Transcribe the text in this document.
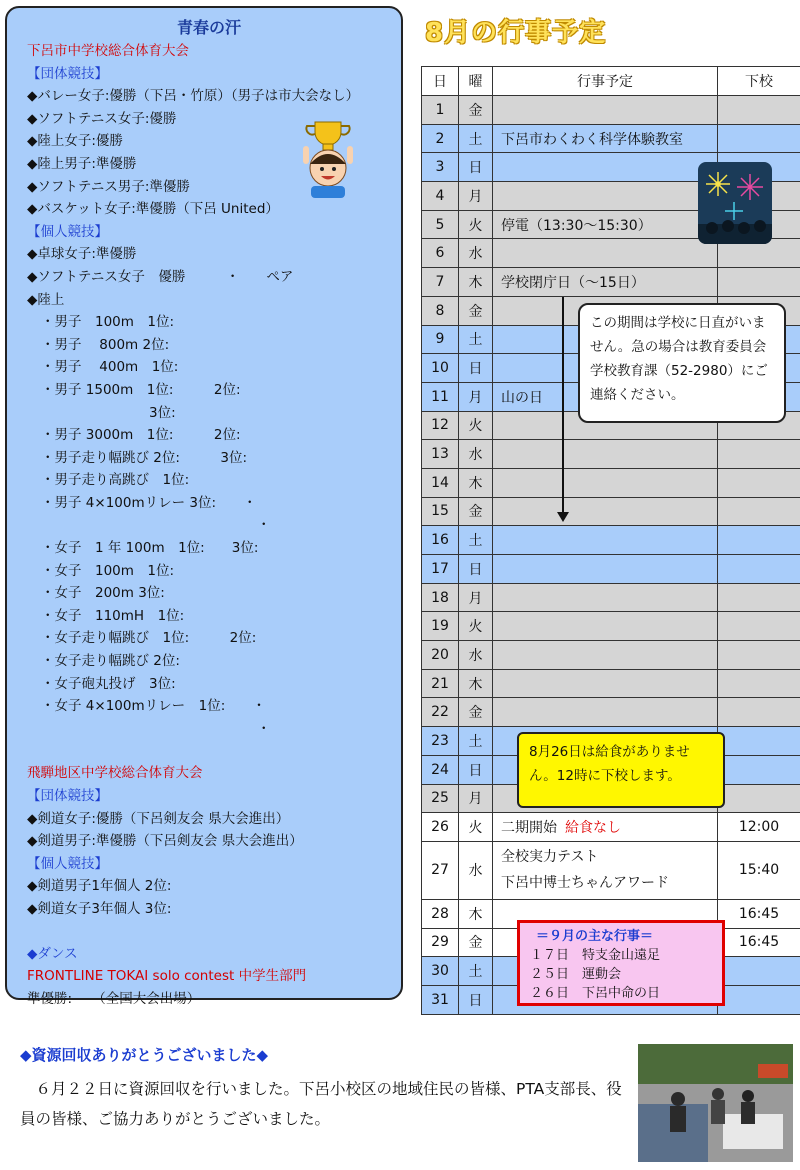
青春の汗
下呂市中学校総合体育大会
【団体競技】
◆バレー女子:優勝（下呂・竹原）（男子は市大会なし）
◆ソフトテニス女子:優勝
◆陸上女子:優勝
◆陸上男子:準優勝
◆ソフトテニス男子:準優勝
◆バスケット女子:準優勝（下呂 United）
【個人競技】
◆卓球女子:準優勝
◆ソフトテニス女子　優勝　　　・　　ペア
◆陸上
・男子　100m　1位:
・男子　 800m 2位:
・男子　 400m　1位:
・男子 1500m　1位:　　　2位:
　　　　　　　　3位:
・男子 3000m　1位:　　　2位:
・男子走り幅跳び 2位:　　　3位:
・男子走り高跳び　1位:
・男子 4×100mリレー 3位:　　・
　　　　　　　　　　　　　　　　・
・女子　1 年 100m　1位:　　3位:
・女子　100m　1位:
・女子　200m 3位:
・女子　110mH　1位:
・女子走り幅跳び　1位:　　　2位:
・女子走り幅跳び 2位:
・女子砲丸投げ　3位:
・女子 4×100mリレー　1位:　　・
　　　　　　　　　　　　　　　　・
飛騨地区中学校総合体育大会
【団体競技】
◆剣道女子:優勝（下呂剣友会 県大会進出）
◆剣道男子:準優勝（下呂剣友会 県大会進出）
【個人競技】
◆剣道男子1年個人 2位:
◆剣道女子3年個人 3位:
◆ダンス
FRONTLINE TOKAI solo contest 中学生部門
準優勝:　　（全国大会出場）
8月の行事予定
日	曜	行事予定	下校
1	金		
2	土	下呂市わくわく科学体験教室	
3	日		
4	月		
5	火	停電（13:30～15:30）	
6	水		
7	木	学校閉庁日（～15日）	
8	金		
9	土		
10	日		
11	月	山の日	
12	火		
13	水		
14	木		
15	金		
16	土		
17	日		
18	月		
19	火		
20	水		
21	木		
22	金		
23	土		
24	日		
25	月		
26	火	二期開始 給食なし	12:00
27	水	全校実力テスト
下呂中博士ちゃんアワード	15:40
28	木		16:45
29	金		16:45
30	土		
31	日		
この期間は学校に日直がいません。急の場合は教育委員会学校教育課（52-2980）にご連絡ください。
8月26日は給食がありません。12時に下校します。
＝９月の主な行事＝
１７日　特支金山遠足
２５日　運動会
２６日　下呂中命の日
◆資源回収ありがとうございました◆
　６月２２日に資源回収を行いました。下呂小校区の地域住民の皆様、PTA支部長、役員の皆様、ご協力ありがとうございました。
